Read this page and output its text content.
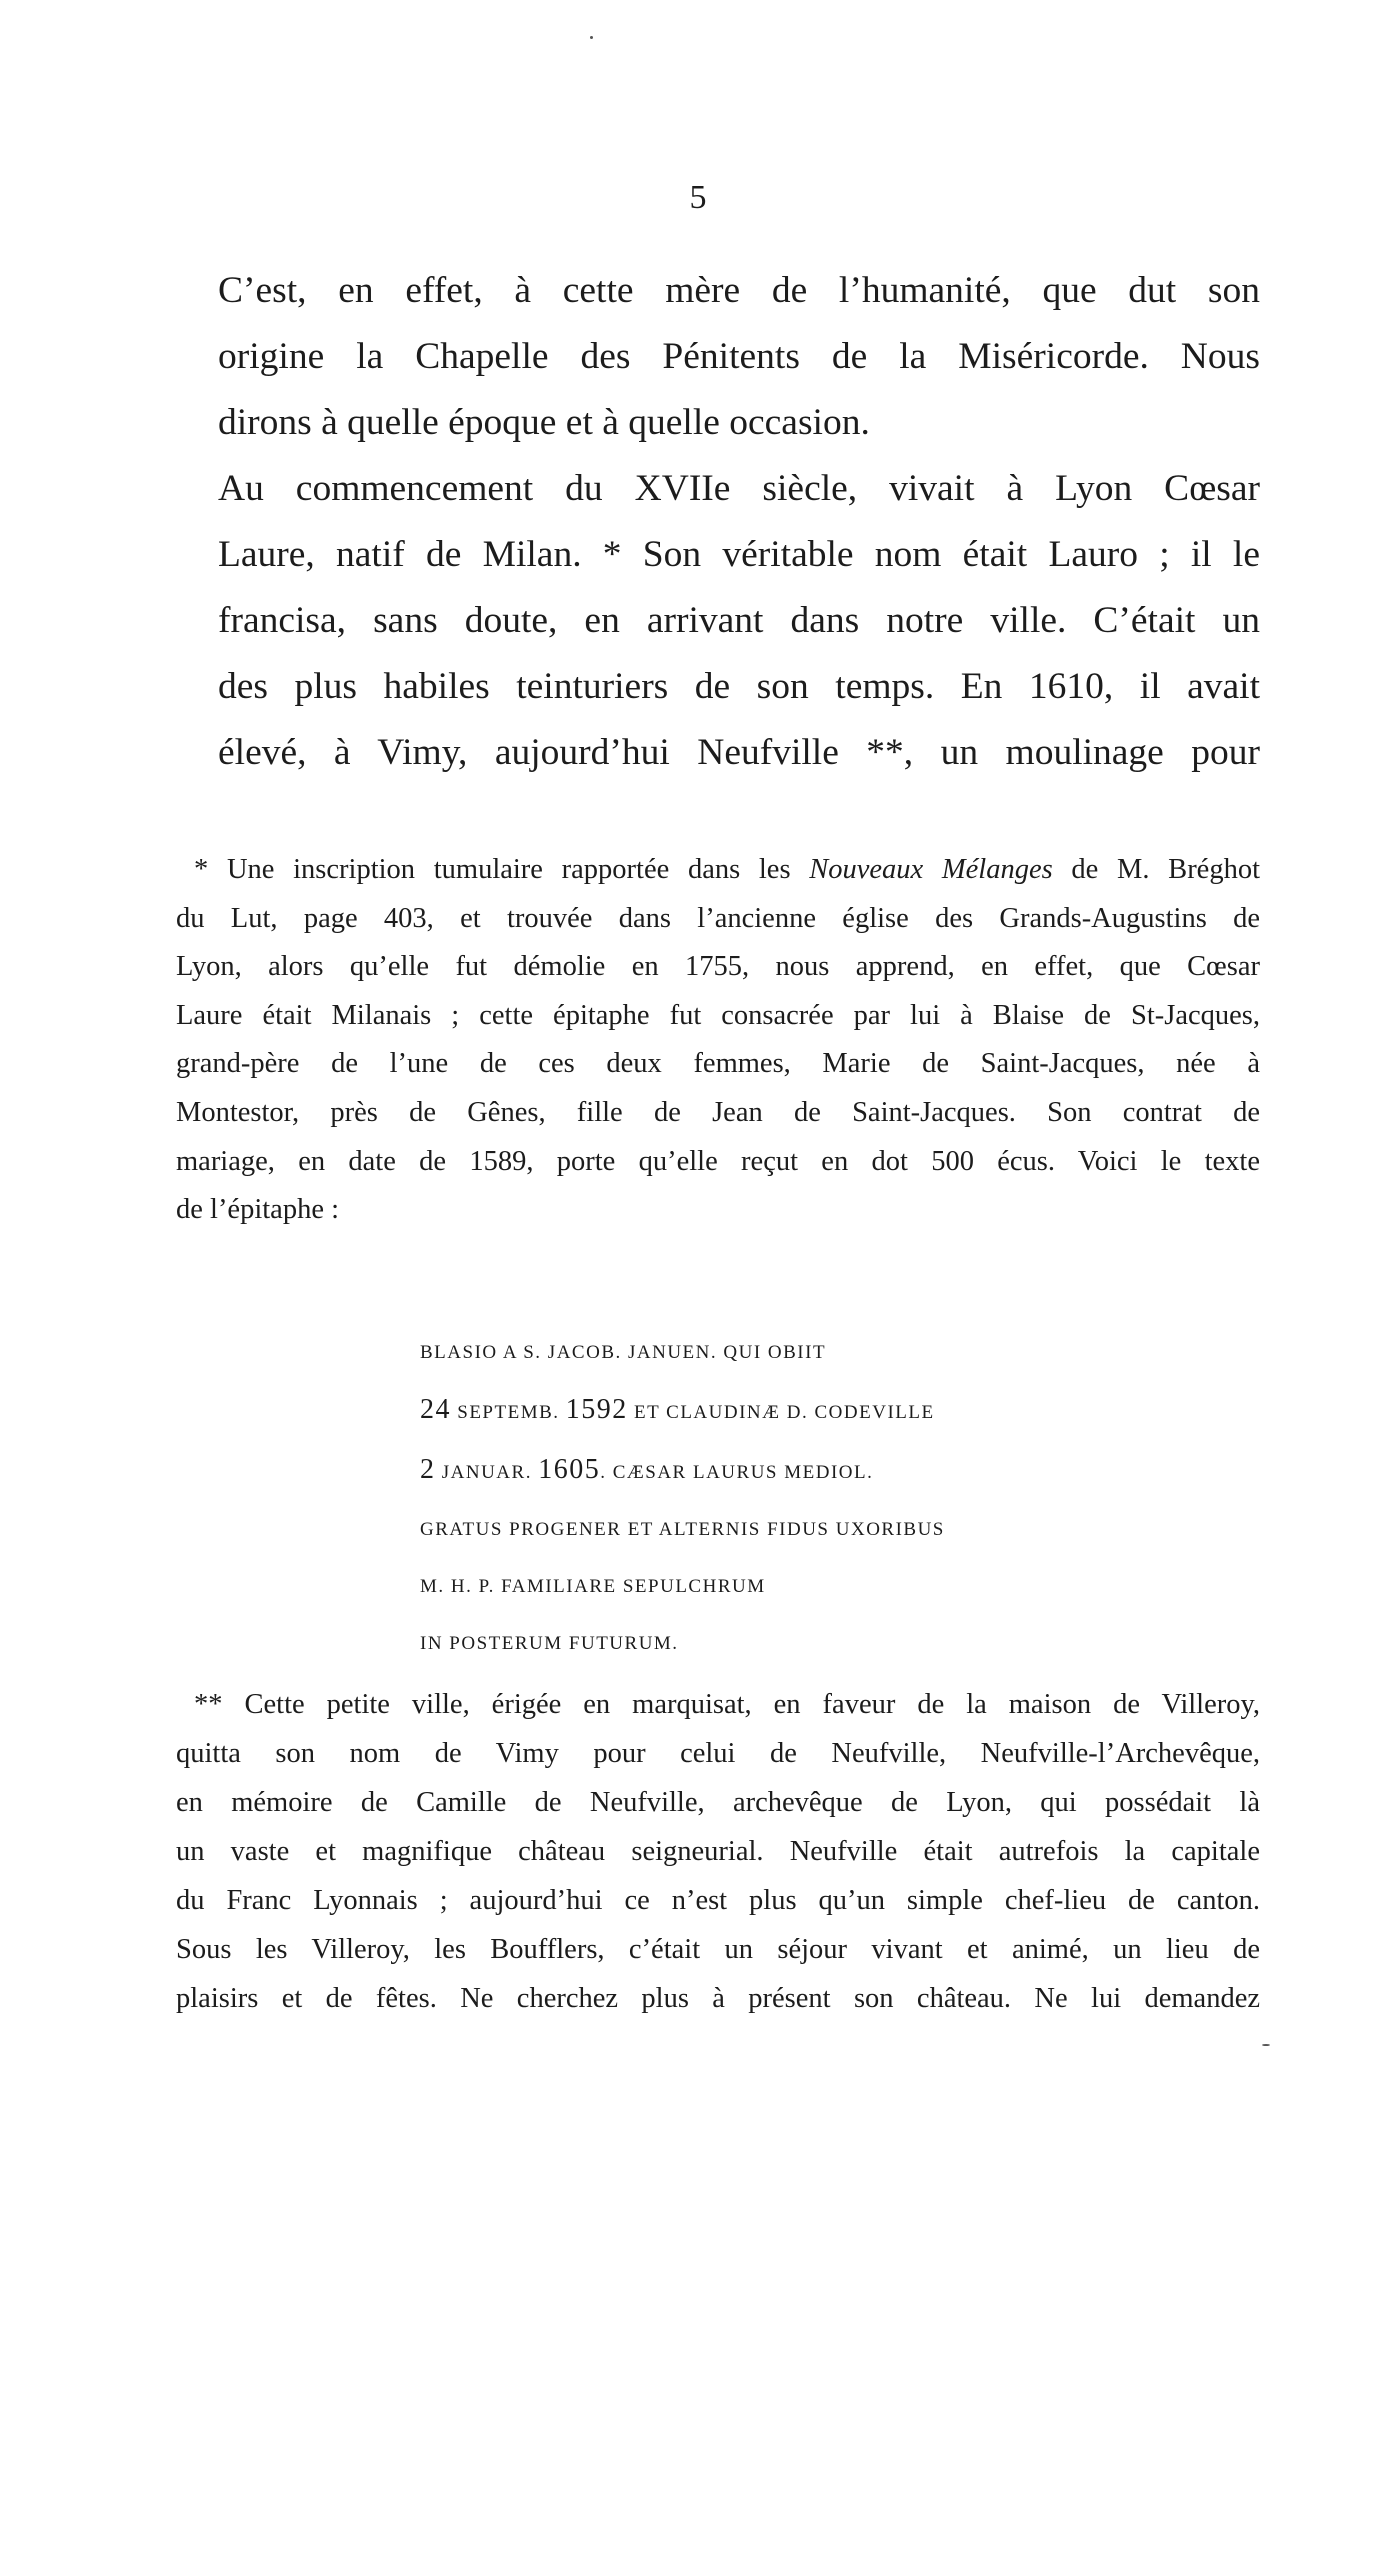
5

C’est, en effet, à cette mère de l’humanité, que dut son
origine la Chapelle des Pénitents de la Miséricorde. Nous
dirons à quelle époque et à quelle occasion.

Au commencement du XVIIe siècle, vivait à Lyon Cœsar
Laure, natif de Milan. * Son véritable nom était Lauro ; il le
francisa, sans doute, en arrivant dans notre ville. C’était un
des plus habiles teinturiers de son temps. En 1610, il avait
élevé, à Vimy, aujourd’hui Neufville **, un moulinage pour

* Une inscription tumulaire rapportée dans les Nouveaux Mélanges de M. Bréghot
du Lut, page 403, et trouvée dans l’ancienne église des Grands-Augustins de
Lyon, alors qu’elle fut démolie en 1755, nous apprend, en effet, que Cœsar
Laure était Milanais ; cette épitaphe fut consacrée par lui à Blaise de St-Jacques,
grand-père de l’une de ces deux femmes, Marie de Saint-Jacques, née à
Montestor, près de Gênes, fille de Jean de Saint-Jacques. Son contrat de
mariage, en date de 1589, porte qu’elle reçut en dot 500 écus. Voici le texte
de l’épitaphe :
BLASIO A S. JACOB. JANUEN. QUI OBIIT
24 SEPTEMB. 1592 ET CLAUDINÆ D. CODEVILLE
2 JANUAR. 1605. CÆSAR LAURUS MEDIOL.
GRATUS PROGENER ET ALTERNIS FIDUS UXORIBUS
M. H. P. FAMILIARE SEPULCHRUM
IN POSTERUM FUTURUM.
** Cette petite ville, érigée en marquisat, en faveur de la maison de Villeroy,
quitta son nom de Vimy pour celui de Neufville, Neufville-l’Archevêque,
en mémoire de Camille de Neufville, archevêque de Lyon, qui possédait là
un vaste et magnifique château seigneurial. Neufville était autrefois la capitale
du Franc Lyonnais ; aujourd’hui ce n’est plus qu’un simple chef-lieu de canton.
Sous les Villeroy, les Boufflers, c’était un séjour vivant et animé, un lieu de
plaisirs et de fêtes. Ne cherchez plus à présent son château. Ne lui demandez
